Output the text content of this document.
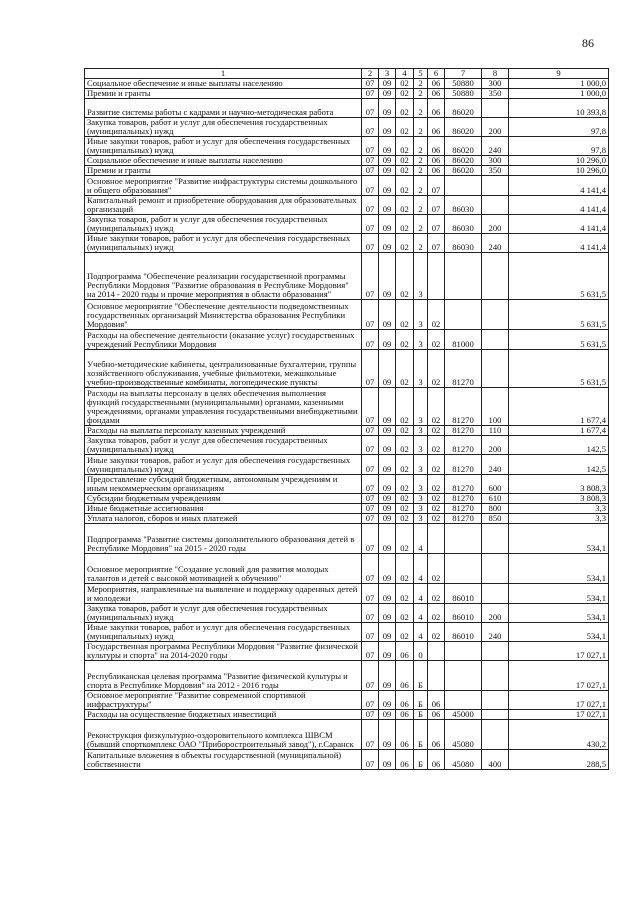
86
1	2	3	4	5	6	7	8	9
Социальное обеспечение и иные выплаты населению	07	09	02	2	06	50880	300	1 000,0
Премии и гранты	07	09	02	2	06	50880	350	1 000,0
Развитие системы работы с кадрами и научно-методическая работа	07	09	02	2	06	86020		10 393,8
Закупка товаров, работ и услуг для обеспечения государственных (муниципальных) нужд	07	09	02	2	06	86020	200	97,8
Иные закупки товаров, работ и услуг для обеспечения государственных (муниципальных) нужд	07	09	02	2	06	86020	240	97,8
Социальное обеспечение и иные выплаты населению	07	09	02	2	06	86020	300	10 296,0
Премии и гранты	07	09	02	2	06	86020	350	10 296,0
Основное мероприятие "Развитие инфраструктуры системы дошкольного и общего образования"	07	09	02	2	07			4 141,4
Капитальный ремонт и приобретение оборудования для образовательных организаций	07	09	02	2	07	86030		4 141,4
Закупка товаров, работ и услуг для обеспечения государственных (муниципальных) нужд	07	09	02	2	07	86030	200	4 141,4
Иные закупки товаров, работ и услуг для обеспечения государственных (муниципальных) нужд	07	09	02	2	07	86030	240	4 141,4
Подпрограмма "Обеспечение реализации государственной программы Республики Мордовия "Развитие образования в Республике Мордовия" на 2014 - 2020 годы и прочие мероприятия в области образования"	07	09	02	3				5 631,5
Основное мероприятие "Обеспечение деятельности подведомственных государственных организаций Министерства образования Республики Мордовия"	07	09	02	3	02			5 631,5
Расходы на обеспечение деятельности (оказание услуг) государственных учреждений Республики Мордовия	07	09	02	3	02	81000		5 631,5
Учебно-методические кабинеты, централизованные бухгалтерии, группы хозяйственного обслуживания, учебные фильмотеки, межшкольные учебно-производственные комбинаты, логопедические пункты	07	09	02	3	02	81270		5 631,5
Расходы на выплаты персоналу в целях обеспечения выполнения функций государственными (муниципальными) органами, казенными учреждениями, органами управления государственными внебюджетными фондами	07	09	02	3	02	81270	100	1 677,4
Расходы на выплаты персоналу казенных учреждений	07	09	02	3	02	81270	110	1 677,4
Закупка товаров, работ и услуг для обеспечения государственных (муниципальных) нужд	07	09	02	3	02	81270	200	142,5
Иные закупки товаров, работ и услуг для обеспечения государственных (муниципальных) нужд	07	09	02	3	02	81270	240	142,5
Предоставление субсидий бюджетным, автономным учреждениям и иным некоммерческим организациям	07	09	02	3	02	81270	600	3 808,3
Субсидии бюджетным учреждениям	07	09	02	3	02	81270	610	3 808,3
Иные бюджетные ассигнования	07	09	02	3	02	81270	800	3,3
Уплата налогов, сборов и иных платежей	07	09	02	3	02	81270	850	3,3
Подпрограмма "Развитие системы дополнительного образования детей в Республике Мордовия" на 2015 - 2020 годы	07	09	02	4				534,1
Основное мероприятие "Создание условий для развития молодых талантов и детей с высокой мотивацией к обучению"	07	09	02	4	02			534,1
Мероприятия, направленные на выявление и поддержку одаренных детей и молодежи	07	09	02	4	02	86010		534,1
Закупка товаров, работ и услуг для обеспечения государственных (муниципальных) нужд	07	09	02	4	02	86010	200	534,1
Иные закупки товаров, работ и услуг для обеспечения государственных (муниципальных) нужд	07	09	02	4	02	86010	240	534,1
Государственная программа Республики Мордовия "Развитие физической культуры и спорта" на 2014-2020 годы	07	09	06	0				17 027,1
Республиканская целевая программа "Развитие физической культуры и спорта в Республике Мордовия" на 2012 - 2016 годы	07	09	06	Б				17 027,1
Основное мероприятие "Развитие современной спортивной инфраструктуры"	07	09	06	Б	06			17 027,1
Расходы на осуществление бюджетных инвестиций	07	09	06	Б	06	45000		17 027,1
Реконструкция физкультурно-оздоровительного комплекса ШВСМ (бывший спорткомплекс ОАО "Приборостроительный завод"), г.Саранск	07	09	06	Б	06	45080		430,2
Капитальные вложения в объекты государственной (муниципальной) собственности	07	09	06	Б	06	45080	400	288,5
